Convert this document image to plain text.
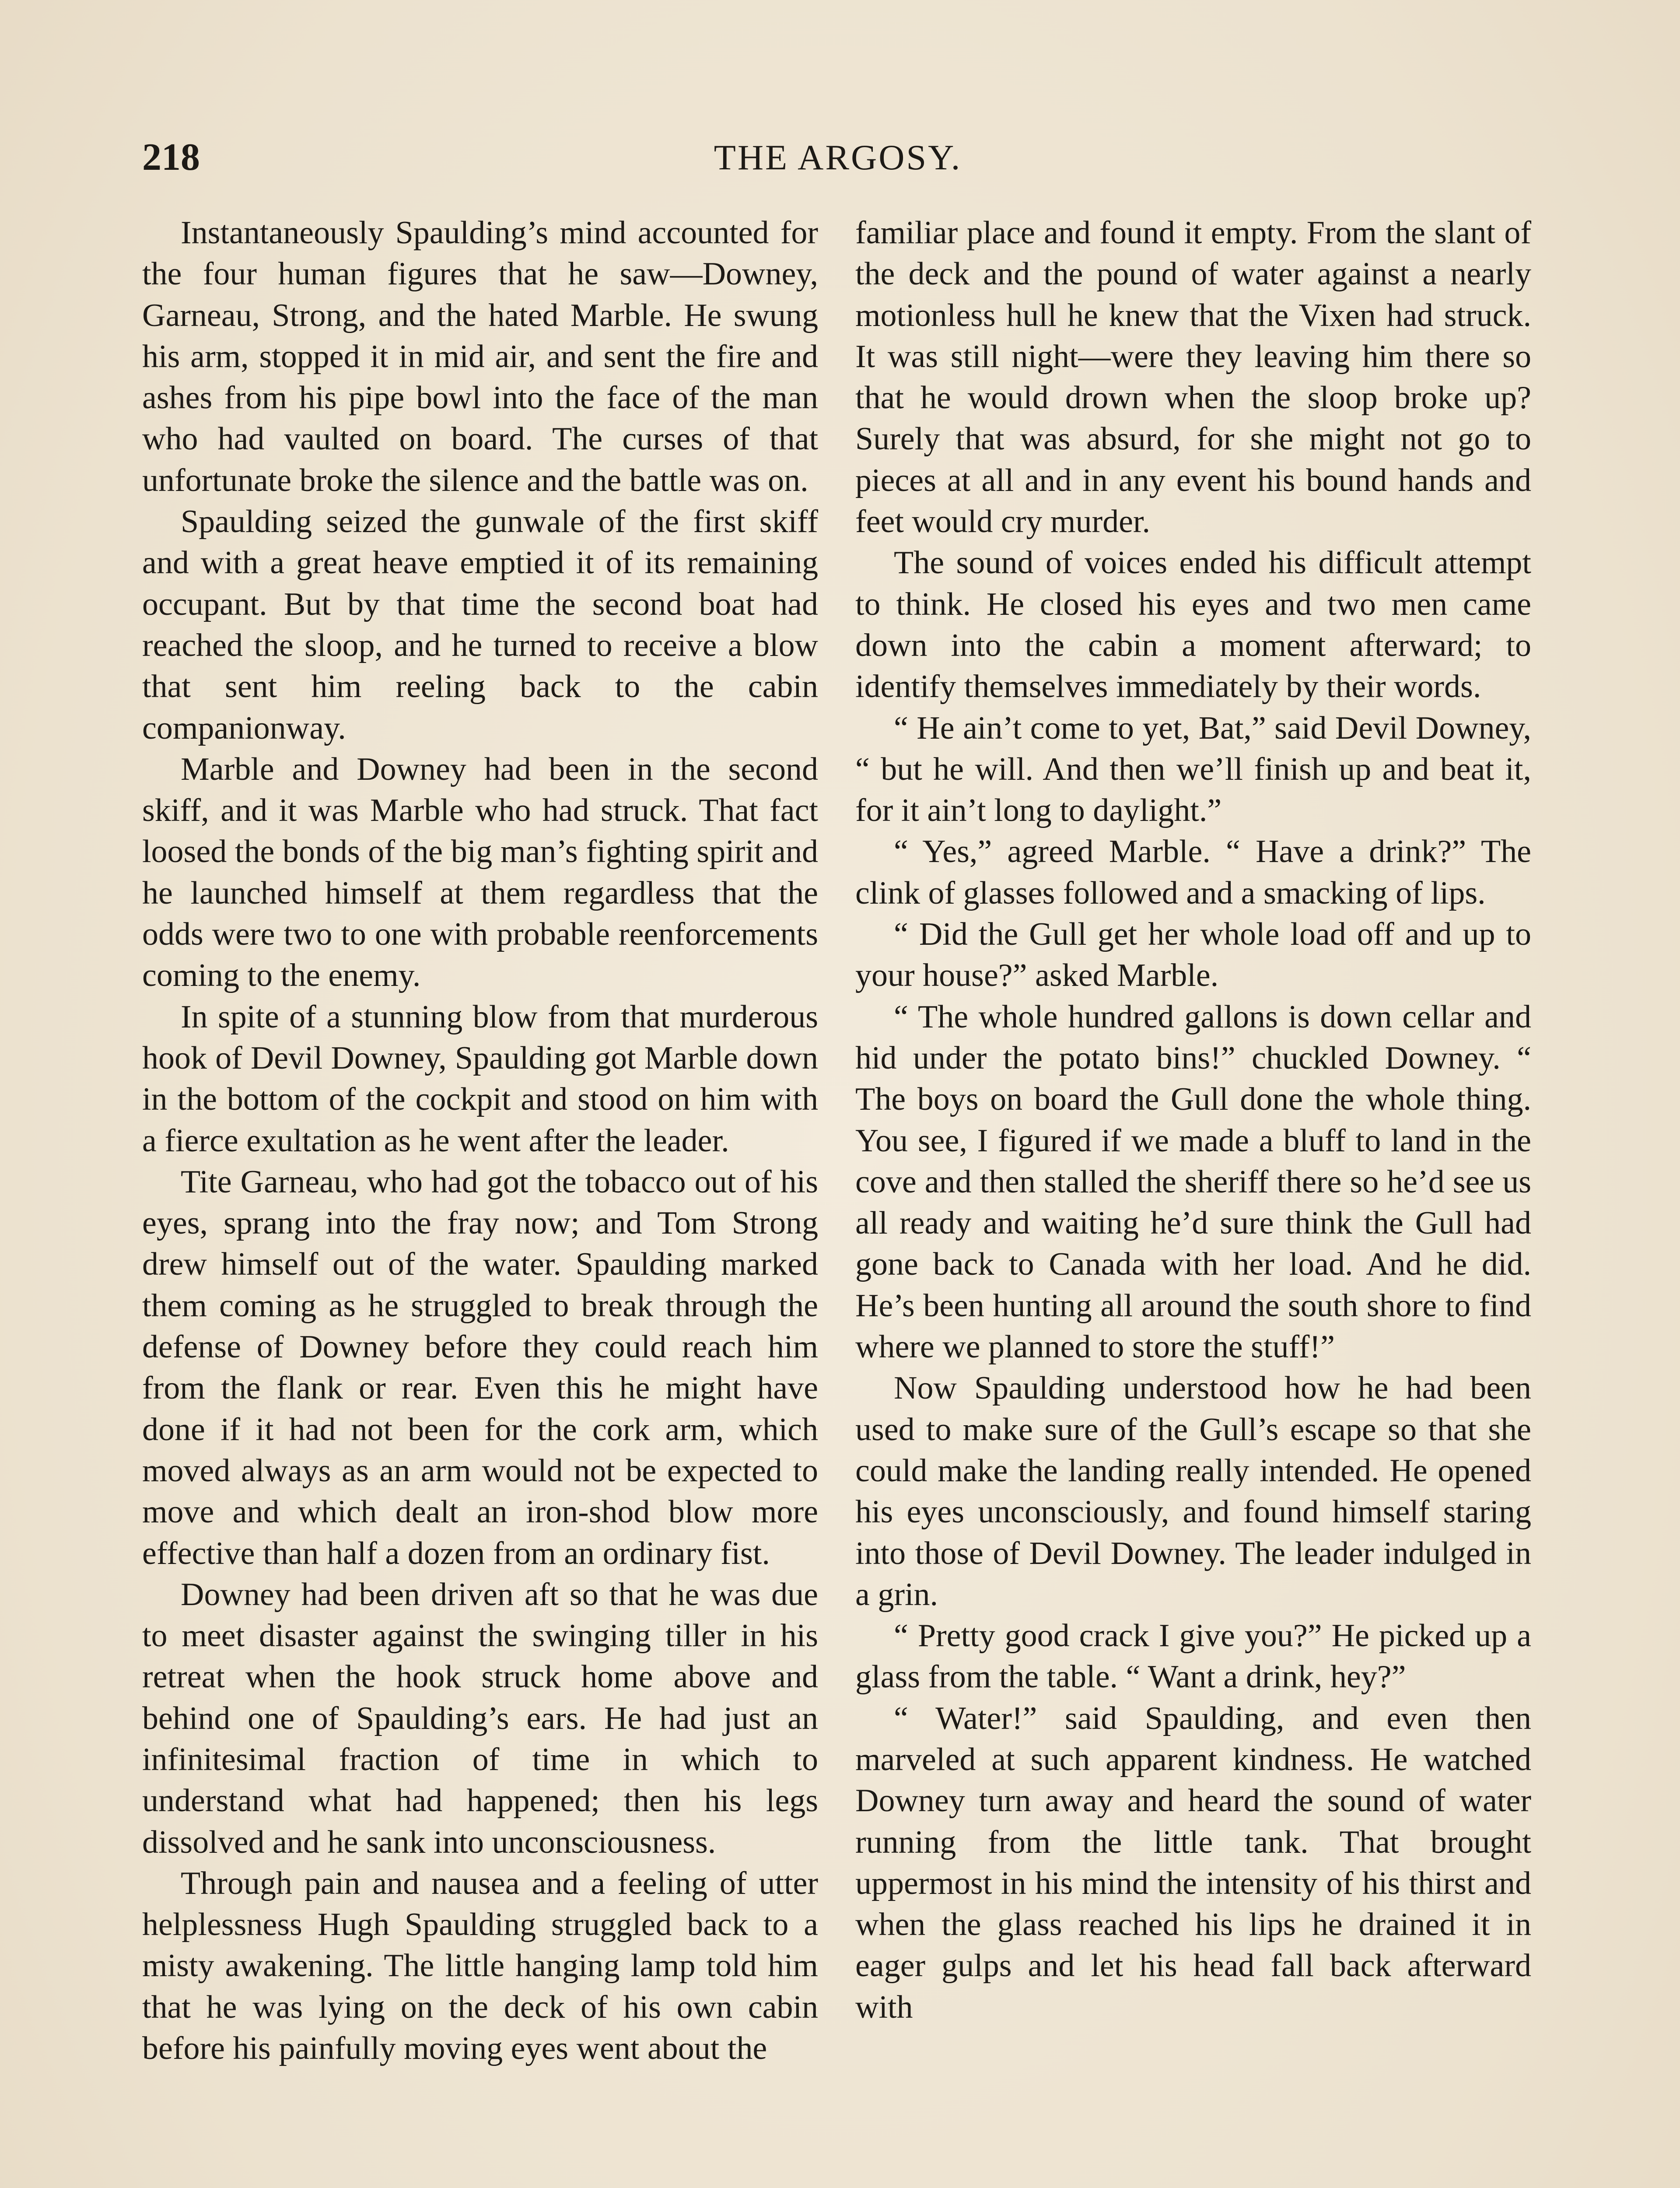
218	THE ARGOSY.

Instantaneously Spaulding’s mind accounted for the four human figures that he saw—Downey, Garneau, Strong, and the hated Marble. He swung his arm, stopped it in mid air, and sent the fire and ashes from his pipe bowl into the face of the man who had vaulted on board. The curses of that unfortunate broke the silence and the battle was on.

Spaulding seized the gunwale of the first skiff and with a great heave emptied it of its remaining occupant. But by that time the second boat had reached the sloop, and he turned to receive a blow that sent him reeling back to the cabin companionway.

Marble and Downey had been in the second skiff, and it was Marble who had struck. That fact loosed the bonds of the big man’s fighting spirit and he launched himself at them regardless that the odds were two to one with probable reenforcements coming to the enemy.

In spite of a stunning blow from that murderous hook of Devil Downey, Spaulding got Marble down in the bottom of the cockpit and stood on him with a fierce exultation as he went after the leader.

Tite Garneau, who had got the tobacco out of his eyes, sprang into the fray now; and Tom Strong drew himself out of the water. Spaulding marked them coming as he struggled to break through the defense of Downey before they could reach him from the flank or rear. Even this he might have done if it had not been for the cork arm, which moved always as an arm would not be expected to move and which dealt an iron-shod blow more effective than half a dozen from an ordinary fist.

Downey had been driven aft so that he was due to meet disaster against the swinging tiller in his retreat when the hook struck home above and behind one of Spaulding’s ears. He had just an infinitesimal fraction of time in which to understand what had happened; then his legs dissolved and he sank into unconsciousness.

Through pain and nausea and a feeling of utter helplessness Hugh Spaulding struggled back to a misty awakening. The little hanging lamp told him that he was lying on the deck of his own cabin before his painfully moving eyes went about the

familiar place and found it empty. From the slant of the deck and the pound of water against a nearly motionless hull he knew that the Vixen had struck. It was still night—were they leaving him there so that he would drown when the sloop broke up? Surely that was absurd, for she might not go to pieces at all and in any event his bound hands and feet would cry murder.

The sound of voices ended his difficult attempt to think. He closed his eyes and two men came down into the cabin a moment afterward; to identify themselves immediately by their words.

“ He ain’t come to yet, Bat,” said Devil Downey, “ but he will. And then we’ll finish up and beat it, for it ain’t long to daylight.”

“ Yes,” agreed Marble. “ Have a drink?” The clink of glasses followed and a smacking of lips.

“ Did the Gull get her whole load off and up to your house?” asked Marble.

“ The whole hundred gallons is down cellar and hid under the potato bins!” chuckled Downey. “ The boys on board the Gull done the whole thing. You see, I figured if we made a bluff to land in the cove and then stalled the sheriff there so he’d see us all ready and waiting he’d sure think the Gull had gone back to Canada with her load. And he did. He’s been hunting all around the south shore to find where we planned to store the stuff!”

Now Spaulding understood how he had been used to make sure of the Gull’s escape so that she could make the landing really intended. He opened his eyes unconsciously, and found himself staring into those of Devil Downey. The leader indulged in a grin.

“ Pretty good crack I give you?” He picked up a glass from the table. “ Want a drink, hey?”

“ Water!” said Spaulding, and even then marveled at such apparent kindness. He watched Downey turn away and heard the sound of water running from the little tank. That brought uppermost in his mind the intensity of his thirst and when the glass reached his lips he drained it in eager gulps and let his head fall back afterward with
